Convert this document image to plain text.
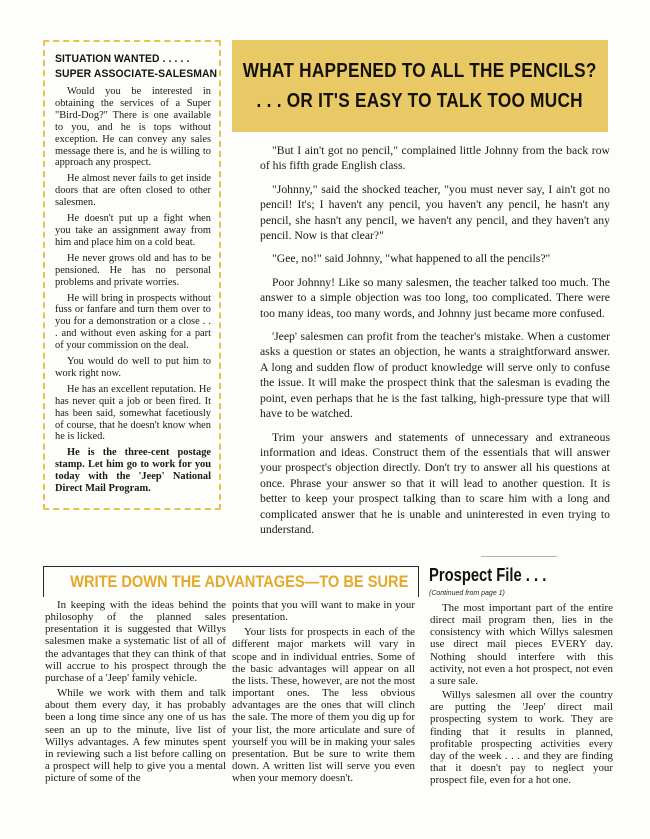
SITUATION WANTED . . . . .
SUPER ASSOCIATE-SALESMAN

Would you be interested in obtaining the services of a Super "Bird-Dog?" There is one available to you, and he is tops without exception. He can convey any sales message there is, and he is willing to approach any prospect.

He almost never fails to get inside doors that are often closed to other salesmen.

He doesn't put up a fight when you take an assignment away from him and place him on a cold beat.

He never grows old and has to be pensioned. He has no personal problems and private worries.

He will bring in prospects without fuss or fanfare and turn them over to you for a demonstration or a close . . . and without even asking for a part of your commission on the deal.

You would do well to put him to work right now.

He has an excellent reputation. He has never quit a job or been fired. It has been said, somewhat facetiously of course, that he doesn't know when he is licked.

He is the three-cent postage stamp. Let him go to work for you today with the 'Jeep' National Direct Mail Program.

WHAT HAPPENED TO ALL THE PENCILS?
. . . OR IT'S EASY TO TALK TOO MUCH

"But I ain't got no pencil," complained little Johnny from the back row of his fifth grade English class.

"Johnny," said the shocked teacher, "you must never say, I ain't got no pencil! It's; I haven't any pencil, you haven't any pencil, he hasn't any pencil, she hasn't any pencil, we haven't any pencil, and they haven't any pencil. Now is that clear?"

"Gee, no!" said Johnny, "what happened to all the pencils?"

Poor Johnny! Like so many salesmen, the teacher talked too much. The answer to a simple objection was too long, too complicated. There were too many ideas, too many words, and Johnny just became more confused.

'Jeep' salesmen can profit from the teacher's mistake. When a customer asks a question or states an objection, he wants a straightforward answer. A long and sudden flow of product knowledge will serve only to confuse the issue. It will make the prospect think that the salesman is evading the point, even perhaps that he is the fast talking, high-pressure type that will have to be watched.

Trim your answers and statements of unnecessary and extraneous information and ideas. Construct them of the essentials that will answer your prospect's objection directly. Don't try to answer all his questions at once. Phrase your answer so that it will lead to another question. It is better to keep your prospect talking than to scare him with a long and complicated answer that he is unable and uninterested in even trying to understand.

WRITE DOWN THE ADVANTAGES—TO BE SURE

In keeping with the ideas behind the philosophy of the planned sales presentation it is suggested that Willys salesmen make a systematic list of all of the advantages that they can think of that will accrue to his prospect through the purchase of a 'Jeep' family vehicle.

While we work with them and talk about them every day, it has probably been a long time since any one of us has seen an up to the minute, live list of Willys advantages. A few minutes spent in reviewing such a list before calling on a prospect will help to give you a mental picture of some of the

points that you will want to make in your presentation.

Your lists for prospects in each of the different major markets will vary in scope and in individual entries. Some of the basic advantages will appear on all the lists. These, however, are not the most important ones. The less obvious advantages are the ones that will clinch the sale. The more of them you dig up for your list, the more articulate and sure of yourself you will be in making your sales presentation. But be sure to write them down. A written list will serve you even when your memory doesn't.

Prospect File . . .
(Continued from page 1)

The most important part of the entire direct mail program then, lies in the consistency with which Willys salesmen use direct mail pieces EVERY day. Nothing should interfere with this activity, not even a hot prospect, not even a sure sale.

Willys salesmen all over the country are putting the 'Jeep' direct mail prospecting system to work. They are finding that it results in planned, profitable prospecting activities every day of the week . . . and they are finding that it doesn't pay to neglect your prospect file, even for a hot one.
